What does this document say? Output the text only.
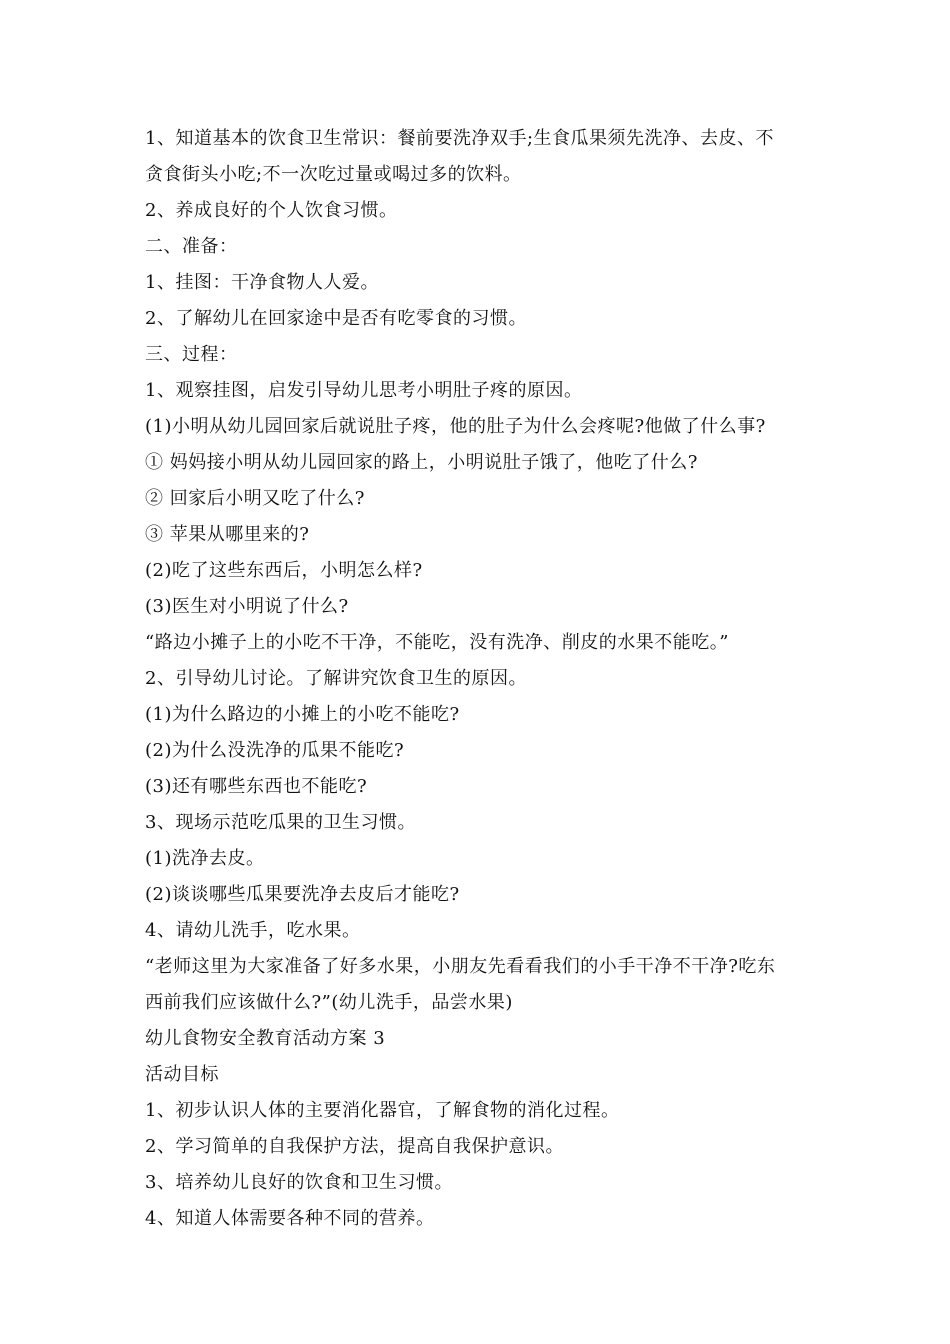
1、知道基本的饮食卫生常识：餐前要洗净双手;生食瓜果须先洗净、去皮、不
贪食街头小吃;不一次吃过量或喝过多的饮料。
2、养成良好的个人饮食习惯。
二、准备：
1、挂图：干净食物人人爱。
2、了解幼儿在回家途中是否有吃零食的习惯。
三、过程：
1、观察挂图，启发引导幼儿思考小明肚子疼的原因。
(1)小明从幼儿园回家后就说肚子疼，他的肚子为什么会疼呢?他做了什么事?
① 妈妈接小明从幼儿园回家的路上，小明说肚子饿了，他吃了什么?
② 回家后小明又吃了什么?
③ 苹果从哪里来的?
(2)吃了这些东西后，小明怎么样?
(3)医生对小明说了什么?
“路边小摊子上的小吃不干净，不能吃，没有洗净、削皮的水果不能吃。”
2、引导幼儿讨论。了解讲究饮食卫生的原因。
(1)为什么路边的小摊上的小吃不能吃?
(2)为什么没洗净的瓜果不能吃?
(3)还有哪些东西也不能吃?
3、现场示范吃瓜果的卫生习惯。
(1)洗净去皮。
(2)谈谈哪些瓜果要洗净去皮后才能吃?
4、请幼儿洗手，吃水果。
“老师这里为大家准备了好多水果，小朋友先看看我们的小手干净不干净?吃东
西前我们应该做什么?”(幼儿洗手，品尝水果)
幼儿食物安全教育活动方案 3
活动目标
1、初步认识人体的主要消化器官，了解食物的消化过程。
2、学习简单的自我保护方法，提高自我保护意识。
3、培养幼儿良好的饮食和卫生习惯。
4、知道人体需要各种不同的营养。
